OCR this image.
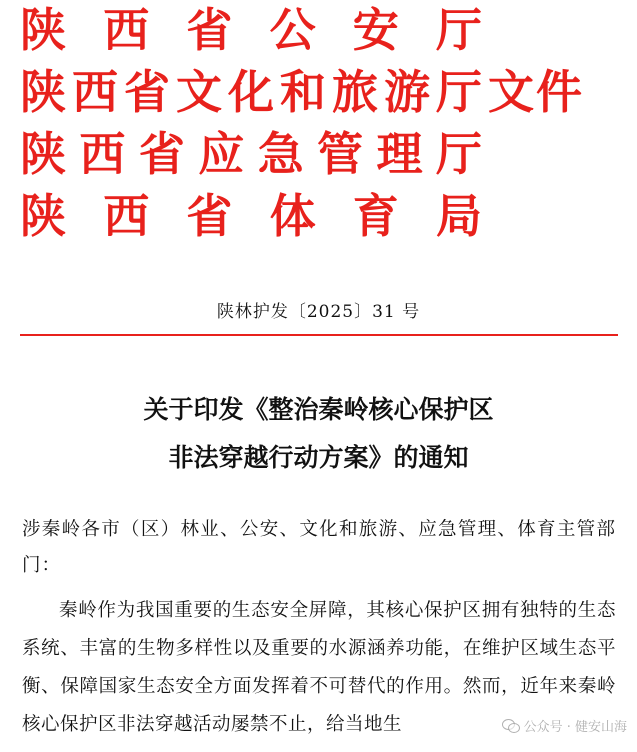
陕 西 省 公 安 厅
陕 西 省 文 化 和 旅 游 厅
陕 西 省 应 急 管 理 厅
陕 西 省 体 育 局
文件
陕林护发〔2025〕31 号
关于印发《整治秦岭核心保护区
非法穿越行动方案》的通知
涉秦岭各市（区）林业、公安、文化和旅游、应急管理、体育主管部门：
秦岭作为我国重要的生态安全屏障，其核心保护区拥有独特的生态系统、丰富的生物多样性以及重要的水源涵养功能，在维护区域生态平衡、保障国家生态安全方面发挥着不可替代的作用。然而，近年来秦岭核心保护区非法穿越活动屡禁不止，给当地生	公众号 · 健安山海
